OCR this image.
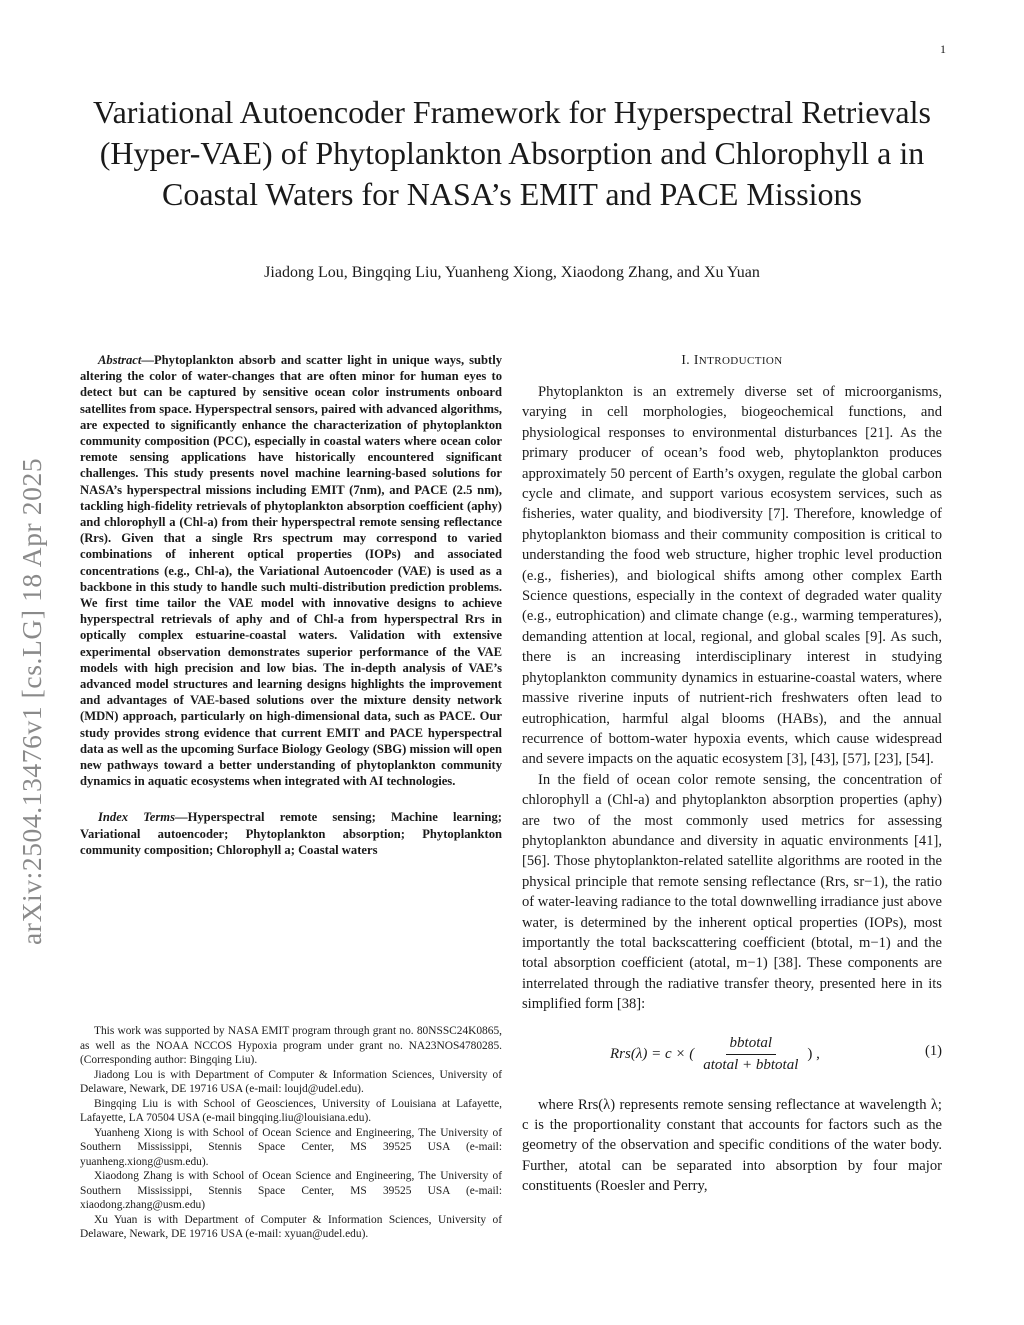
1
arXiv:2504.13476v1 [cs.LG] 18 Apr 2025
Variational Autoencoder Framework for Hyperspectral Retrievals (Hyper-VAE) of Phytoplankton Absorption and Chlorophyll a in Coastal Waters for NASA’s EMIT and PACE Missions
Jiadong Lou, Bingqing Liu, Yuanheng Xiong, Xiaodong Zhang, and Xu Yuan

Abstract—Phytoplankton absorb and scatter light in unique ways, subtly altering the color of water-changes that are often minor for human eyes to detect but can be captured by sensitive ocean color instruments onboard satellites from space. Hyperspectral sensors, paired with advanced algorithms, are expected to significantly enhance the characterization of phytoplankton community composition (PCC), especially in coastal waters where ocean color remote sensing applications have historically encountered significant challenges. This study presents novel machine learning-based solutions for NASA’s hyperspectral missions including EMIT (7nm), and PACE (2.5 nm), tackling high-fidelity retrievals of phytoplankton absorption coefficient (aphy) and chlorophyll a (Chl-a) from their hyperspectral remote sensing reflectance (Rrs). Given that a single Rrs spectrum may correspond to varied combinations of inherent optical properties (IOPs) and associated concentrations (e.g., Chl-a), the Variational Autoencoder (VAE) is used as a backbone in this study to handle such multi-distribution prediction problems. We first time tailor the VAE model with innovative designs to achieve hyperspectral retrievals of aphy and of Chl-a from hyperspectral Rrs in optically complex estuarine-coastal waters. Validation with extensive experimental observation demonstrates superior performance of the VAE models with high precision and low bias. The in-depth analysis of VAE’s advanced model structures and learning designs highlights the improvement and advantages of VAE-based solutions over the mixture density network (MDN) approach, particularly on high-dimensional data, such as PACE. Our study provides strong evidence that current EMIT and PACE hyperspectral data as well as the upcoming Surface Biology Geology (SBG) mission will open new pathways toward a better understanding of phytoplankton community dynamics in aquatic ecosystems when integrated with AI technologies.

Index Terms—Hyperspectral remote sensing; Machine learning; Variational autoencoder; Phytoplankton absorption; Phytoplankton community composition; Chlorophyll a; Coastal waters

This work was supported by NASA EMIT program through grant no. 80NSSC24K0865, as well as the NOAA NCCOS Hypoxia program under grant no. NA23NOS4780285. (Corresponding author: Bingqing Liu).

Jiadong Lou is with Department of Computer & Information Sciences, University of Delaware, Newark, DE 19716 USA (e-mail: loujd@udel.edu).

Bingqing Liu is with School of Geosciences, University of Louisiana at Lafayette, Lafayette, LA 70504 USA (e-mail bingqing.liu@louisiana.edu).

Yuanheng Xiong is with School of Ocean Science and Engineering, The University of Southern Mississippi, Stennis Space Center, MS 39525 USA (e-mail: yuanheng.xiong@usm.edu).

Xiaodong Zhang is with School of Ocean Science and Engineering, The University of Southern Mississippi, Stennis Space Center, MS 39525 USA (e-mail: xiaodong.zhang@usm.edu)

Xu Yuan is with Department of Computer & Information Sciences, University of Delaware, Newark, DE 19716 USA (e-mail: xyuan@udel.edu).

I. INTRODUCTION

Phytoplankton is an extremely diverse set of microorganisms, varying in cell morphologies, biogeochemical functions, and physiological responses to environmental disturbances [21]. As the primary producer of ocean’s food web, phytoplankton produces approximately 50 percent of Earth’s oxygen, regulate the global carbon cycle and climate, and support various ecosystem services, such as fisheries, water quality, and biodiversity [7]. Therefore, knowledge of phytoplankton biomass and their community composition is critical to understanding the food web structure, higher trophic level production (e.g., fisheries), and biological shifts among other complex Earth Science questions, especially in the context of degraded water quality (e.g., eutrophication) and climate change (e.g., warming temperatures), demanding attention at local, regional, and global scales [9]. As such, there is an increasing interdisciplinary interest in studying phytoplankton community dynamics in estuarine-coastal waters, where massive riverine inputs of nutrient-rich freshwaters often lead to eutrophication, harmful algal blooms (HABs), and the annual recurrence of bottom-water hypoxia events, which cause widespread and severe impacts on the aquatic ecosystem [3], [43], [57], [23], [54].

In the field of ocean color remote sensing, the concentration of chlorophyll a (Chl-a) and phytoplankton absorption properties (aphy) are two of the most commonly used metrics for assessing phytoplankton abundance and diversity in aquatic environments [41], [56]. Those phytoplankton-related satellite algorithms are rooted in the physical principle that remote sensing reflectance (Rrs, sr−1), the ratio of water-leaving radiance to the total downwelling irradiance just above water, is determined by the inherent optical properties (IOPs), most importantly the total backscattering coefficient (btotal, m−1) and the total absorption coefficient (atotal, m−1) [38]. These components are interrelated through the radiative transfer theory, presented here in its simplified form [38]:

Rrs(λ) = c × ( $\frac{\text{bbtotal}}{\text{atotal + bbtotal}}$ ) ,	(1)

where Rrs(λ) represents remote sensing reflectance at wavelength λ; c is the proportionality constant that accounts for factors such as the geometry of the observation and specific conditions of the water body. Further, atotal can be separated into absorption by four major constituents (Roesler and Perry,
